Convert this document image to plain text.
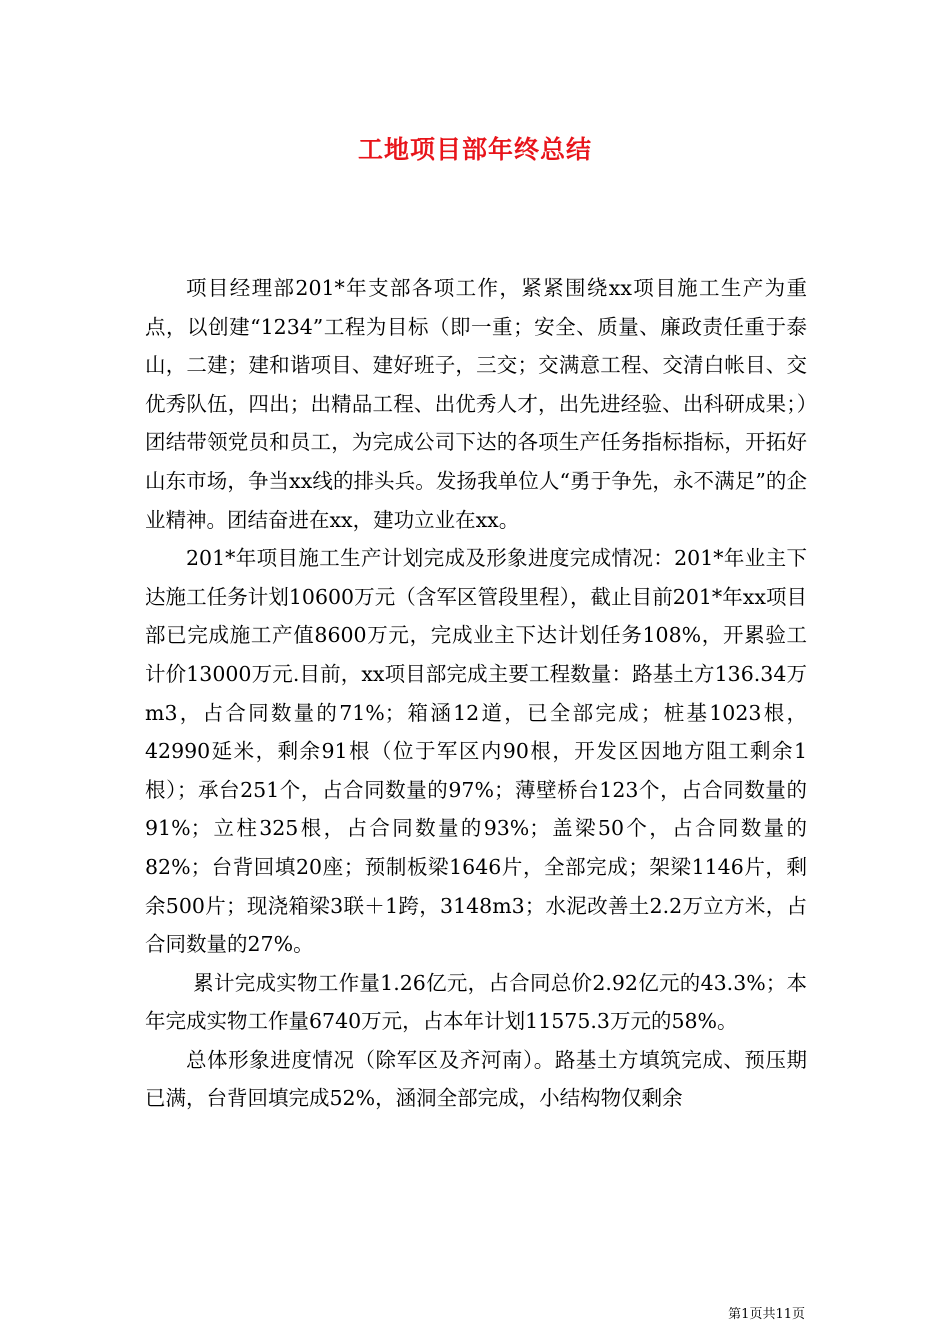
工地项目部年终总结

项目经理部201*年支部各项工作，紧紧围绕xx项目施工生产为重点，以创建“1234”工程为目标（即一重；安全、质量、廉政责任重于泰山，二建；建和谐项目、建好班子，三交；交满意工程、交清白帐目、交优秀队伍，四出；出精品工程、出优秀人才，出先进经验、出科研成果；）团结带领党员和员工，为完成公司下达的各项生产任务指标指标，开拓好山东市场，争当xx线的排头兵。发扬我单位人“勇于争先，永不满足”的企业精神。团结奋进在xx，建功立业在xx。

201*年项目施工生产计划完成及形象进度完成情况：201*年业主下达施工任务计划10600万元（含军区管段里程），截止目前201*年xx项目部已完成施工产值8600万元，完成业主下达计划任务108%，开累验工计价13000万元.目前，xx项目部完成主要工程数量：路基土方136.34万m3，占合同数量的71%；箱涵12道，已全部完成；桩基1023根，42990延米，剩余91根（位于军区内90根，开发区因地方阻工剩余1根）；承台251个，占合同数量的97%；薄壁桥台123个，占合同数量的91%；立柱325根，占合同数量的93%；盖梁50个，占合同数量的82%；台背回填20座；预制板梁1646片，全部完成；架梁1146片，剩余500片；现浇箱梁3联＋1跨，3148m3；水泥改善土2.2万立方米，占合同数量的27%。

累计完成实物工作量1.26亿元，占合同总价2.92亿元的43.3%；本年完成实物工作量6740万元，占本年计划11575.3万元的58%。

总体形象进度情况（除军区及齐河南）。路基土方填筑完成、预压期已满，台背回填完成52%，涵洞全部完成，小结构物仅剩余

第1页共11页
